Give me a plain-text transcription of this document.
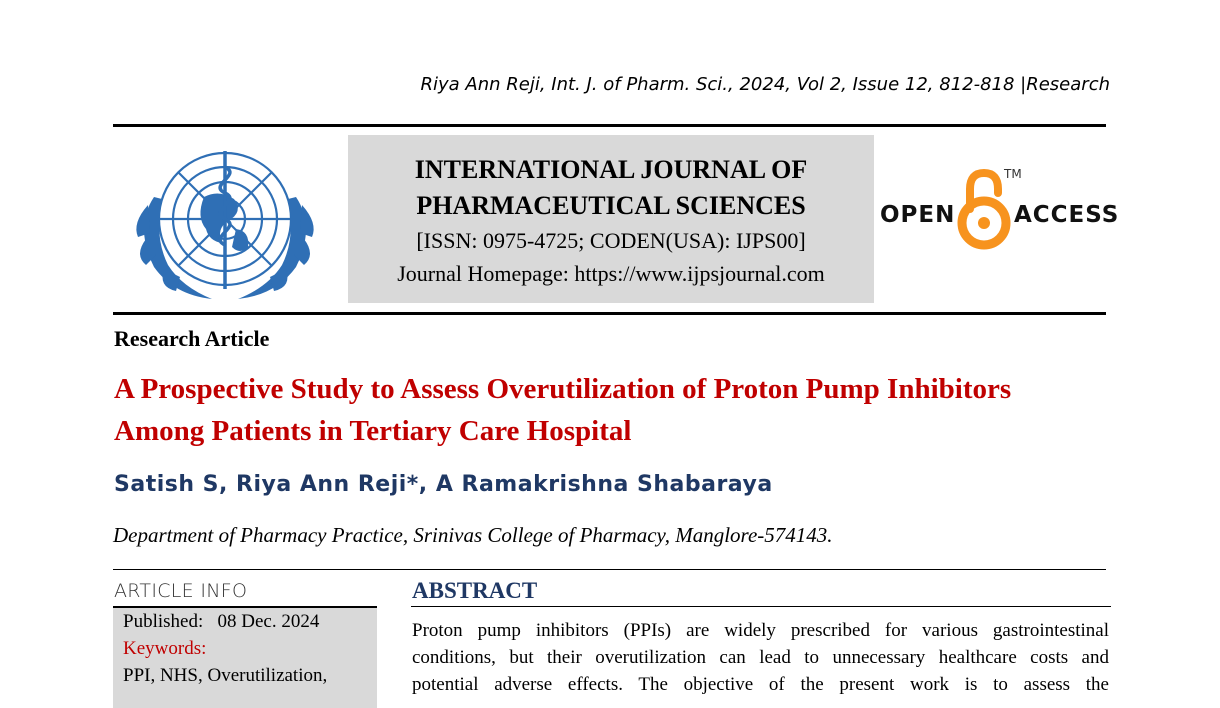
Riya Ann Reji, Int. J. of Pharm. Sci., 2024, Vol 2, Issue 12, 812-818 |Research
INTERNATIONAL JOURNAL OF
PHARMACEUTICAL SCIENCES
[ISSN: 0975-4725; CODEN(USA): IJPS00]
Journal Homepage: https://www.ijpsjournal.com
OPEN
TM
ACCESS
Research Article
A Prospective Study to Assess Overutilization of Proton Pump Inhibitors
Among Patients in Tertiary Care Hospital
Satish S, Riya Ann Reji*, A Ramakrishna Shabaraya
Department of Pharmacy Practice, Srinivas College of Pharmacy, Manglore-574143.
ARTICLE INFO
Published: 08 Dec. 2024
Keywords:
PPI, NHS, Overutilization,
ABSTRACT
Proton pump inhibitors (PPIs) are widely prescribed for various gastrointestinal
conditions, but their overutilization can lead to unnecessary healthcare costs and
potential adverse effects. The objective of the present work is to assess the
